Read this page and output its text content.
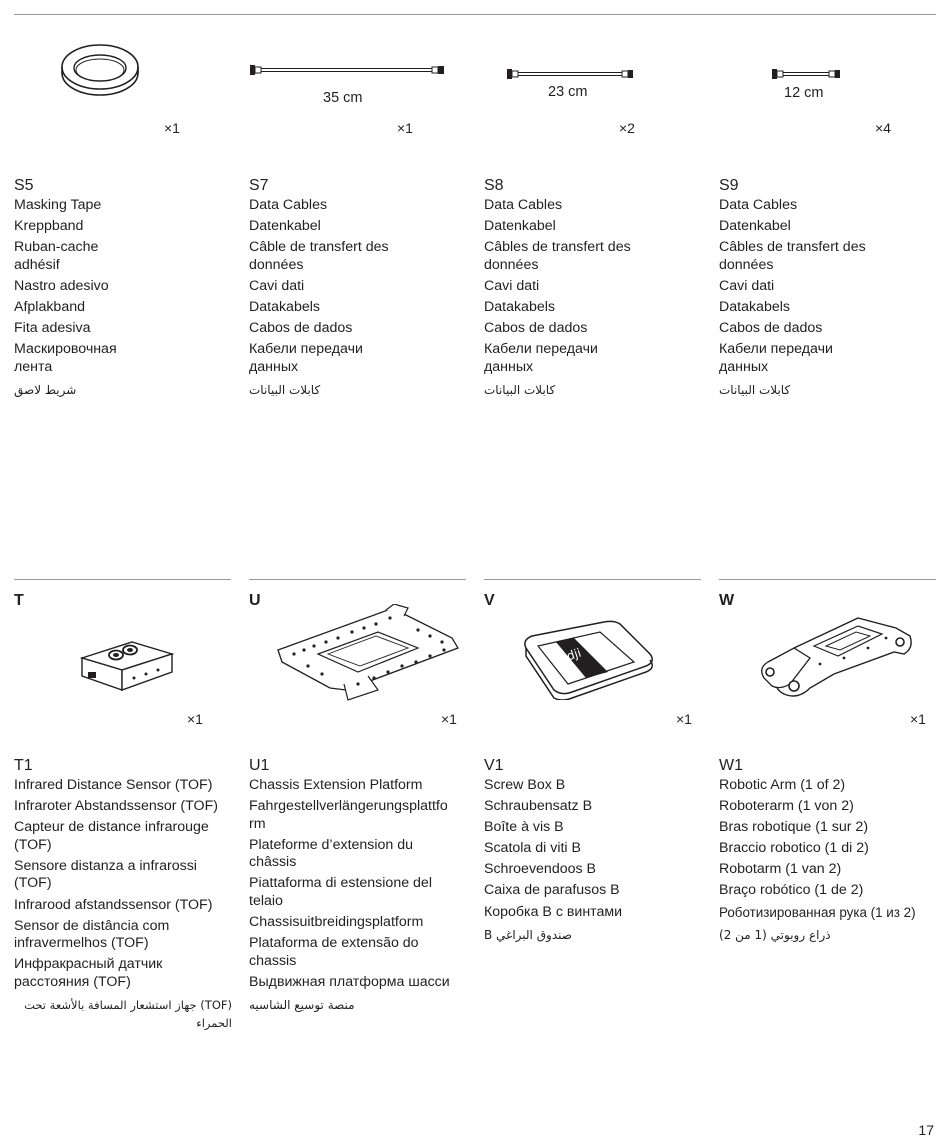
35 cm	23 cm	12 cm
×1	×1	×2	×4
S5
Masking Tape
Kreppband
Ruban-cache
adhésif
Nastro adesivo
Afplakband
Fita adesiva
Маскировочная
лента
شريط لاصق
S7
Data Cables
Datenkabel
Câble de transfert des
données
Cavi dati
Datakabels
Cabos de dados
Кабели передачи
данных
كابلات البيانات
S8
Data Cables
Datenkabel
Câbles de transfert des
données
Cavi dati
Datakabels
Cabos de dados
Кабели передачи
данных
كابلات البيانات
S9
Data Cables
Datenkabel
Câbles de transfert des
données
Cavi dati
Datakabels
Cabos de dados
Кабели передачи
данных
كابلات البيانات
T	U	V	W
dji
×1	×1	×1	×1
T1
Infrared Distance Sensor (TOF)
Infraroter Abstandssensor (TOF)
Capteur de distance infrarouge
(TOF)
Sensore distanza a infrarossi
(TOF)
Infrarood afstandssensor (TOF)
Sensor de distância com
infravermelhos (TOF)
Инфракрасный датчик
расстояния (TOF)
(TOF) جهاز استشعار المسافة بالأشعة تحت الحمراء
U1
Chassis Extension Platform
Fahrgestellverlängerungsplattfo
rm
Plateforme d’extension du
châssis
Piattaforma di estensione del
telaio
Chassisuitbreidingsplatform
Plataforma de extensão do
chassis
Выдвижная платформа шасси
منصة توسيع الشاسيه
V1
Screw Box B
Schraubensatz B
Boîte à vis B
Scatola di viti B
Schroevendoos B
Caixa de parafusos B
Коробка B с винтами
صندوق البراغي B
W1
Robotic Arm (1 of 2)
Roboterarm (1 von 2)
Bras robotique (1 sur 2)
Braccio robotico (1 di 2)
Robotarm (1 van 2)
Braço robótico (1 de 2)
Роботизированная рука (1 из 2)
ذراع روبوتي (1 من 2)
17
